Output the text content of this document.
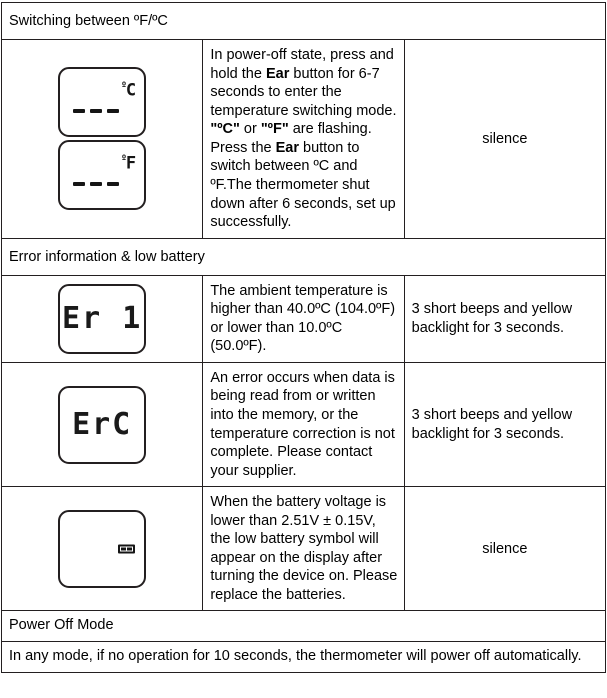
Switching between ºF/ºC		

$^º$C
$^º$F	In power-off state, press and hold the Ear button for 6-7 seconds to enter the temperature switching mode. "ºC" or "ºF" are flashing. Press the Ear button to switch between ºC and ºF.The thermometer shut down after 6 seconds, set up successfully.	silence
Error information & low battery		

Er 1	The ambient temperature is higher than 40.0ºC (104.0ºF) or lower than 10.0ºC (50.0ºF).	3 short beeps and yellow backlight for 3 seconds.

ErC	An error occurs when data is being read from or written into the memory, or the temperature correction is not complete. Please contact your supplier.	3 short beeps and yellow backlight for 3 seconds.

	When the battery voltage is lower than 2.51V ± 0.15V, the low battery symbol will appear on the display after turning the device on. Please replace the batteries.	silence
Power Off Mode		
In any mode, if no operation for 10 seconds, the thermometer will power off automatically.		
